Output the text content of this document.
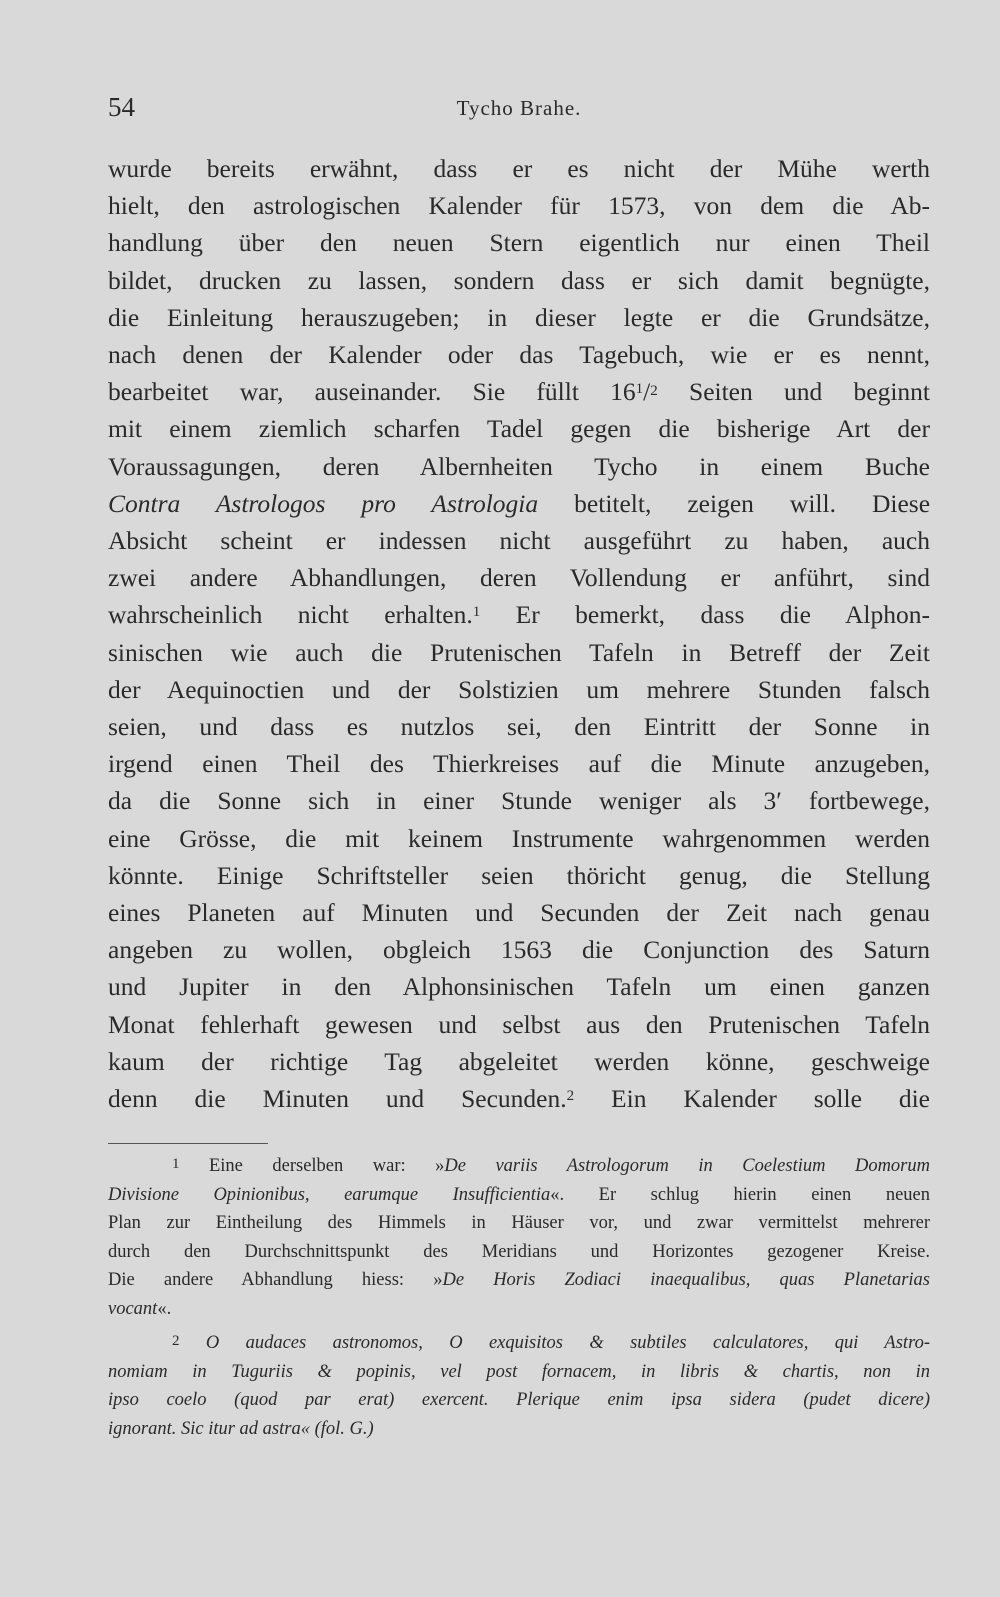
54	Tycho Brahe.
wurde bereits erwähnt, dass er es nicht der Mühe werth
hielt, den astrologischen Kalender für 1573, von dem die Ab-
handlung über den neuen Stern eigentlich nur einen Theil
bildet, drucken zu lassen, sondern dass er sich damit begnügte,
die Einleitung herauszugeben; in dieser legte er die Grundsätze,
nach denen der Kalender oder das Tagebuch, wie er es nennt,
bearbeitet war, auseinander. Sie füllt $16^1/2$ Seiten und beginnt
mit einem ziemlich scharfen Tadel gegen die bisherige Art der
Voraussagungen, deren Albernheiten Tycho in einem Buche
Contra Astrologos pro Astrologia betitelt, zeigen will. Diese
Absicht scheint er indessen nicht ausgeführt zu haben, auch
zwei andere Abhandlungen, deren Vollendung er anführt, sind
wahrscheinlich nicht erhalten.$^1$ Er bemerkt, dass die Alphon-
sinischen wie auch die Prutenischen Tafeln in Betreff der Zeit
der Aequinoctien und der Solstizien um mehrere Stunden falsch
seien, und dass es nutzlos sei, den Eintritt der Sonne in
irgend einen Theil des Thierkreises auf die Minute anzugeben,
da die Sonne sich in einer Stunde weniger als 3′ fortbewege,
eine Grösse, die mit keinem Instrumente wahrgenommen werden
könnte. Einige Schriftsteller seien thöricht genug, die Stellung
eines Planeten auf Minuten und Secunden der Zeit nach genau
angeben zu wollen, obgleich 1563 die Conjunction des Saturn
und Jupiter in den Alphonsinischen Tafeln um einen ganzen
Monat fehlerhaft gewesen und selbst aus den Prutenischen Tafeln
kaum der richtige Tag abgeleitet werden könne, geschweige
denn die Minuten und Secunden.$^2$ Ein Kalender solle die
$^1$ Eine derselben war: »De variis Astrologorum in Coelestium Domorum
Divisione Opinionibus, earumque Insufficientia«. Er schlug hierin einen neuen
Plan zur Eintheilung des Himmels in Häuser vor, und zwar vermittelst mehrerer
durch den Durchschnittspunkt des Meridians und Horizontes gezogener Kreise.
Die andere Abhandlung hiess: »De Horis Zodiaci inaequalibus, quas Planetarias
vocant«.
$^2$ O audaces astronomos, O exquisitos & subtiles calculatores, qui Astro-
nomiam in Tuguriis & popinis, vel post fornacem, in libris & chartis, non in
ipso coelo (quod par erat) exercent. Plerique enim ipsa sidera (pudet dicere)
ignorant. Sic itur ad astra« (fol. G.)
